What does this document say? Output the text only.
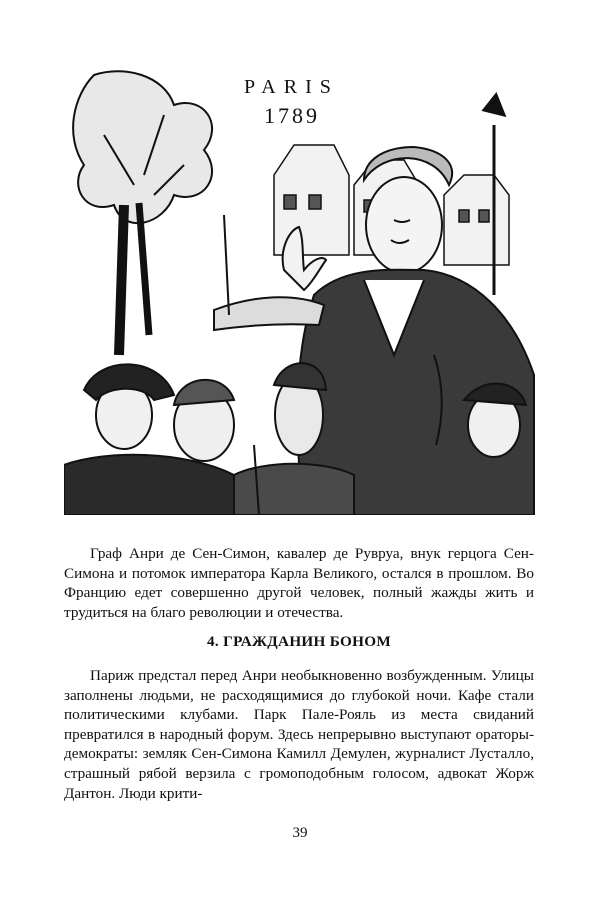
PARIS
1789

Граф Анри де Сен-Симон, кавалер де Рувруа, внук герцога Сен-Симона и потомок императора Карла Великого, остался в прошлом. Во Францию едет совершенно другой человек, полный жажды жить и трудиться на благо революции и отечества.

4. ГРАЖДАНИН БОНОМ

Париж предстал перед Анри необыкновенно возбужденным. Улицы заполнены людьми, не расходящимися до глубокой ночи. Кафе стали политическими клубами. Парк Пале-Рояль из места свиданий превратился в народный форум. Здесь непрерывно выступают ораторы-демократы: земляк Сен-Симона Камилл Демулен, журналист Лусталло, страшный рябой верзила с громоподобным голосом, адвокат Жорж Дантон. Люди крити-

39
